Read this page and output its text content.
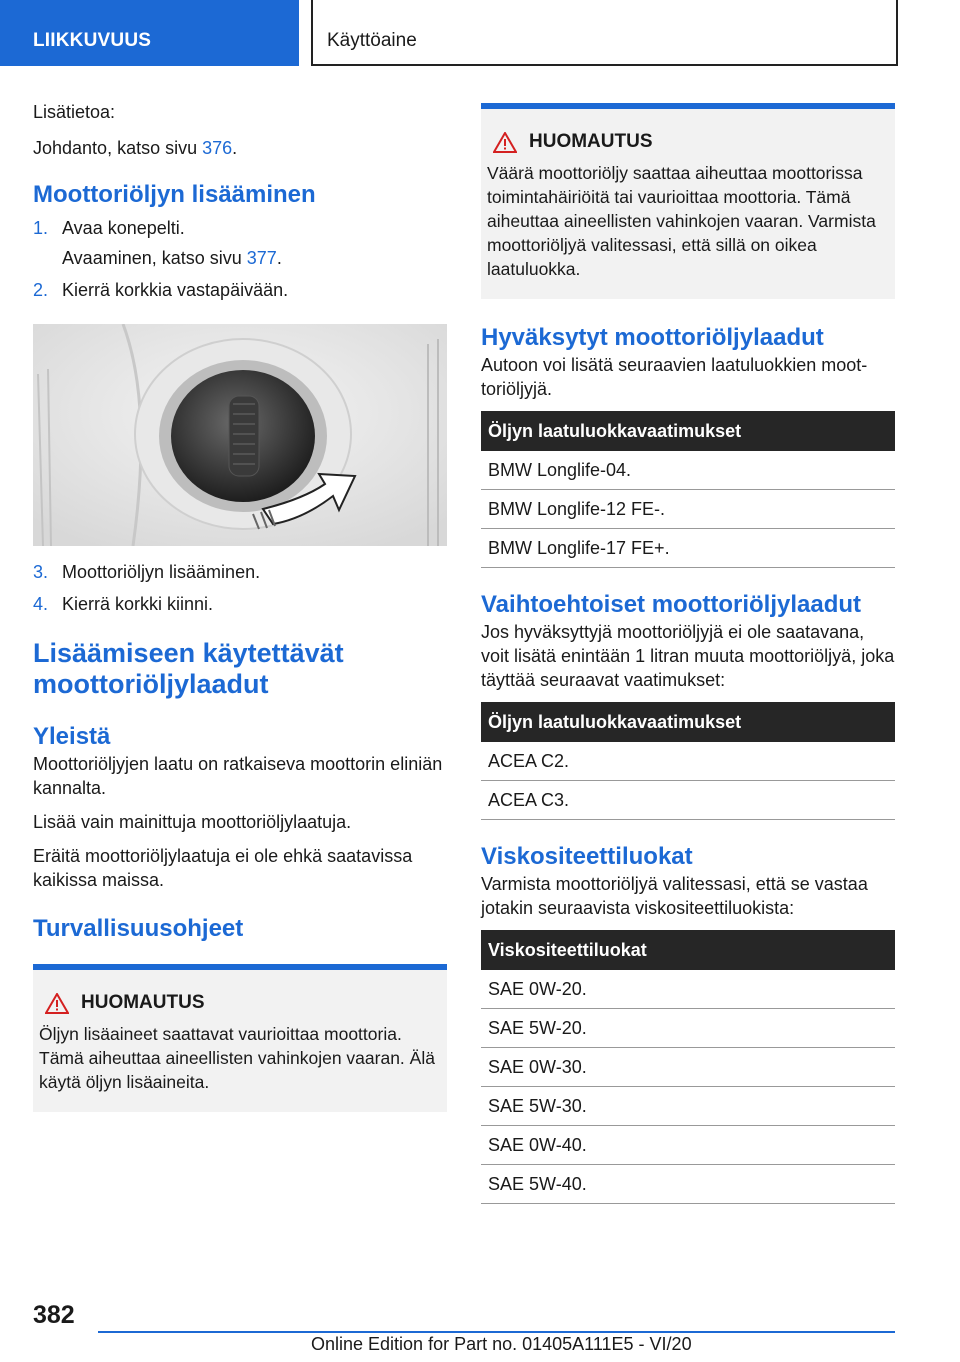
LIIKKUVUUS	Käyttöaine

Lisätietoa:

Johdanto, katso sivu 376.

Moottoriöljyn lisääminen
1. Avaa konepelti.
Avaaminen, katso sivu 377.
2. Kierrä korkkia vastapäivään.
3. Moottoriöljyn lisääminen.
4. Kierrä korkki kiinni.
Lisäämiseen käytettävät moottoriöljylaadut
Yleistä

Moottoriöljyjen laatu on ratkaiseva moottorin eliniän kannalta.

Lisää vain mainittuja moottoriöljylaatuja.

Eräitä moottoriöljylaatuja ei ole ehkä saatavissa kaikissa maissa.

Turvallisuusohjeet
HUOMAUTUS

Öljyn lisäaineet saattavat vaurioittaa moottoria. Tämä aiheuttaa aineellisten vahinkojen vaaran. Älä käytä öljyn lisäaineita.

HUOMAUTUS

Väärä moottoriöljy saattaa aiheuttaa moottorissa toimintahäiriöitä tai vaurioittaa moottoria. Tämä aiheuttaa aineellisten vahinkojen vaaran. Varmista moottoriöljyä valitessasi, että sillä on oikea laatuluokka.

Hyväksytyt moottoriöljylaadut

Autoon voi lisätä seuraavien laatuluokkien moottoriöljyjä.

Öljyn laatuluokkavaatimukset
BMW Longlife-04.
BMW Longlife-12 FE-.
BMW Longlife-17 FE+.
Vaihtoehtoiset moottoriöljylaadut

Jos hyväksyttyjä moottoriöljyjä ei ole saatavana, voit lisätä enintään 1 litran muuta moottoriöljyä, joka täyttää seuraavat vaatimukset:

Öljyn laatuluokkavaatimukset
ACEA C2.
ACEA C3.
Viskositeettiluokat

Varmista moottoriöljyä valitessasi, että se vastaa jotakin seuraavista viskositeettiluokista:

Viskositeettiluokat
SAE 0W-20.
SAE 5W-20.
SAE 0W-30.
SAE 5W-30.
SAE 0W-40.
SAE 5W-40.
382
Online Edition for Part no. 01405A111E5 - VI/20
